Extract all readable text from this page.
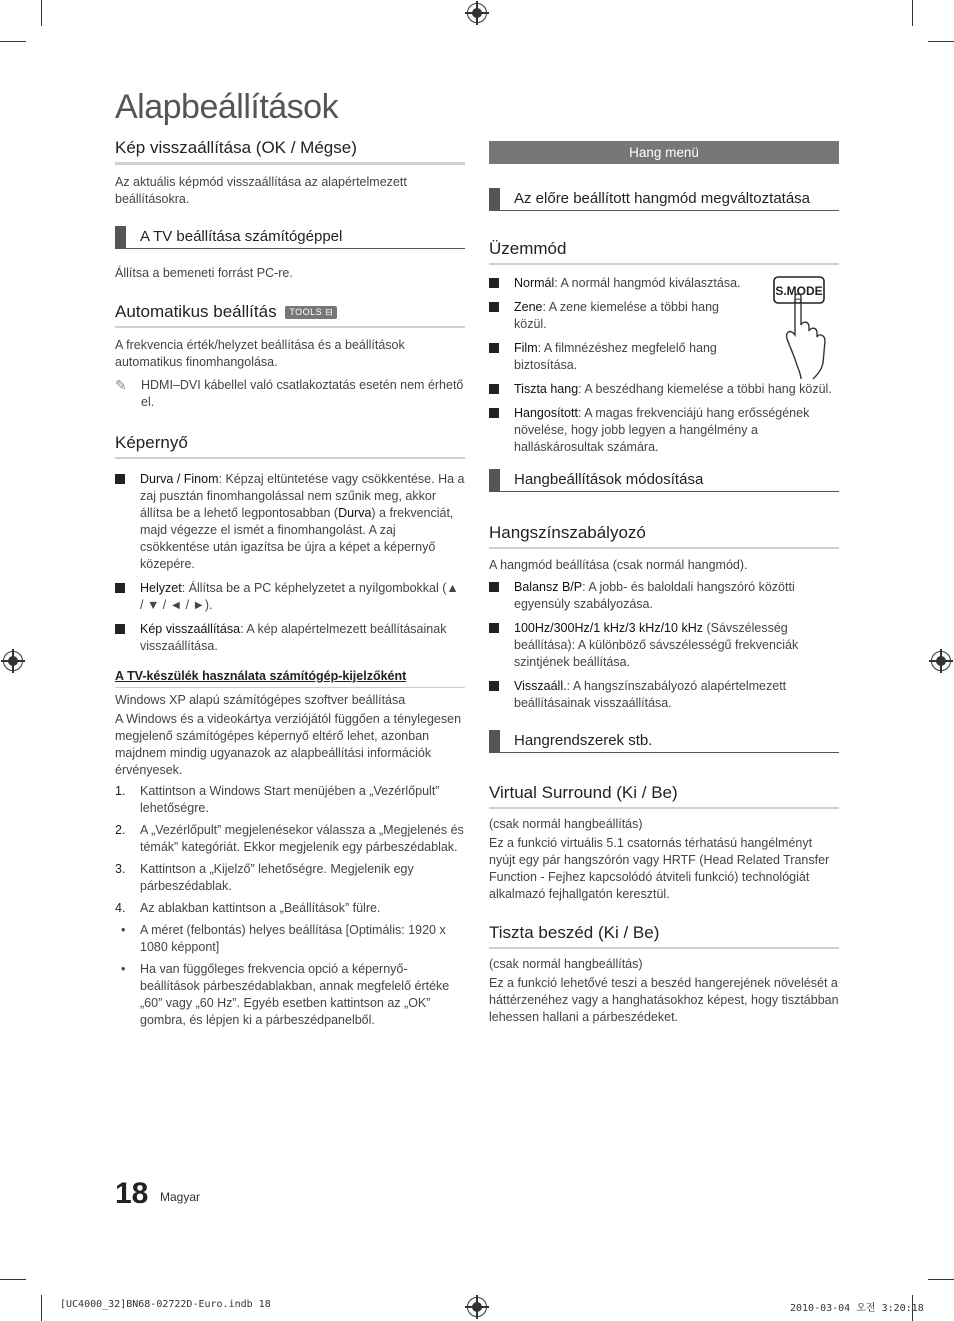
Alapbeállítások
Kép visszaállítása (OK / Mégse)

Az aktuális képmód visszaállítása az alapértelmezett beállításokra.

A TV beállítása számítógéppel

Állítsa a bemeneti forrást PC-re.

Automatikus beállítás TOOLS ⊟

A frekvencia érték/helyzet beállítása és a beállítások automatikus finomhangolása.

✎ HDMI–DVI kábellel való csatlakoztatás esetén nem érhető el.
Képernyő
Durva / Finom: Képzaj eltüntetése vagy csökkentése. Ha a zaj pusztán finomhangolással nem szűnik meg, akkor állítsa be a lehető legpontosabban (Durva) a frekvenciát, majd végezze el ismét a finomhangolást. A zaj csökkentése után igazítsa be újra a képet a képernyő közepére.
Helyzet: Állítsa be a PC képhelyzetet a nyílgombokkal (▲ / ▼ / ◄ / ►).
Kép visszaállítása: A kép alapértelmezett beállításainak visszaállítása.
A TV-készülék használata számítógép-kijelzőként

Windows XP alapú számítógépes szoftver beállítása

A Windows és a videokártya verziójától függően a ténylegesen megjelenő számítógépes képernyő eltérő lehet, azonban majdnem mindig ugyanazok az alapbeállítási információk érvényesek.

1. Kattintson a Windows Start menüjében a „Vezérlőpult” lehetőségre.
2. A „Vezérlőpult” megjelenésekor válassza a „Megjelenés és témák” kategóriát. Ekkor megjelenik egy párbeszédablak.
3. Kattintson a „Kijelző” lehetőségre. Megjelenik egy párbeszédablak.
4. Az ablakban kattintson a „Beállítások” fülre.
• A méret (felbontás) helyes beállítása [Optimális: 1920 x 1080 képpont]
• Ha van függőleges frekvencia opció a képernyő-beállítások párbeszédablakban, annak megfelelő értéke „60” vagy „60 Hz”. Egyéb esetben kattintson az „OK” gombra, és lépjen ki a párbeszédpanelből.
Hang menü
Az előre beállított hangmód megváltoztatása
Üzemmód
Normál: A normál hangmód kiválasztása.
Zene: A zene kiemelése a többi hang közül.
Film: A filmnézéshez megfelelő hang biztosítása.
Tiszta hang: A beszédhang kiemelése a többi hang közül.
Hangosított: A magas frekvenciájú hang erősségének növelése, hogy jobb legyen a hangélmény a halláskárosultak számára.
S.MODE
Hangbeállítások módosítása
Hangszínszabályozó

A hangmód beállítása (csak normál hangmód).

Balansz B/P: A jobb- és baloldali hangszóró közötti egyensúly szabályozása.
100Hz/300Hz/1 kHz/3 kHz/10 kHz (Sávszélesség beállítása): A különböző sávszélességű frekvenciák szintjének beállítása.
Visszaáll.: A hangszínszabályozó alapértelmezett beállításainak visszaállítása.
Hangrendszerek stb.
Virtual Surround (Ki / Be)

(csak normál hangbeállítás)

Ez a funkció virtuális 5.1 csatornás térhatású hangélményt nyújt egy pár hangszórón vagy HRTF (Head Related Transfer Function - Fejhez kapcsolódó átviteli funkció) technológiát alkalmazó fejhallgatón keresztül.

Tiszta beszéd (Ki / Be)

(csak normál hangbeállítás)

Ez a funkció lehetővé teszi a beszéd hangerejének növelését a háttérzenéhez vagy a hanghatásokhoz képest, hogy tisztábban lehessen hallani a párbeszédeket.

18 Magyar
[UC4000_32]BN68-02722D-Euro.indb 18	2010-03-04 오전 3:20:18
